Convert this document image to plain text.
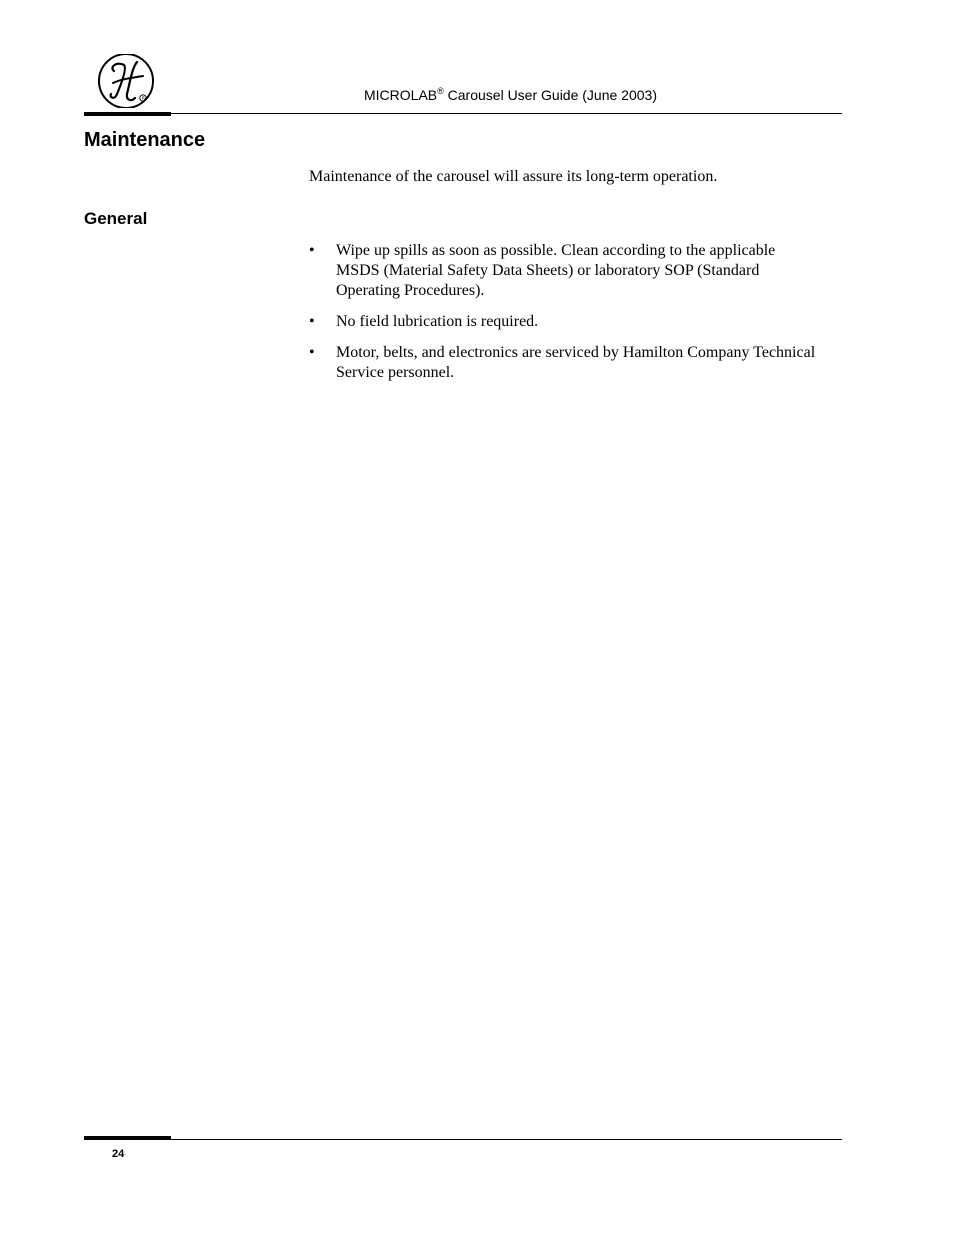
R	MICROLAB® Carousel User Guide (June 2003)
Maintenance

Maintenance of the carousel will assure its long-term operation.

General
• Wipe up spills as soon as possible. Clean according to the applicable MSDS (Material Safety Data Sheets) or laboratory SOP (Standard Operating Procedures).
• No field lubrication is required.
• Motor, belts, and electronics are serviced by Hamilton Company Technical Service personnel.
24
